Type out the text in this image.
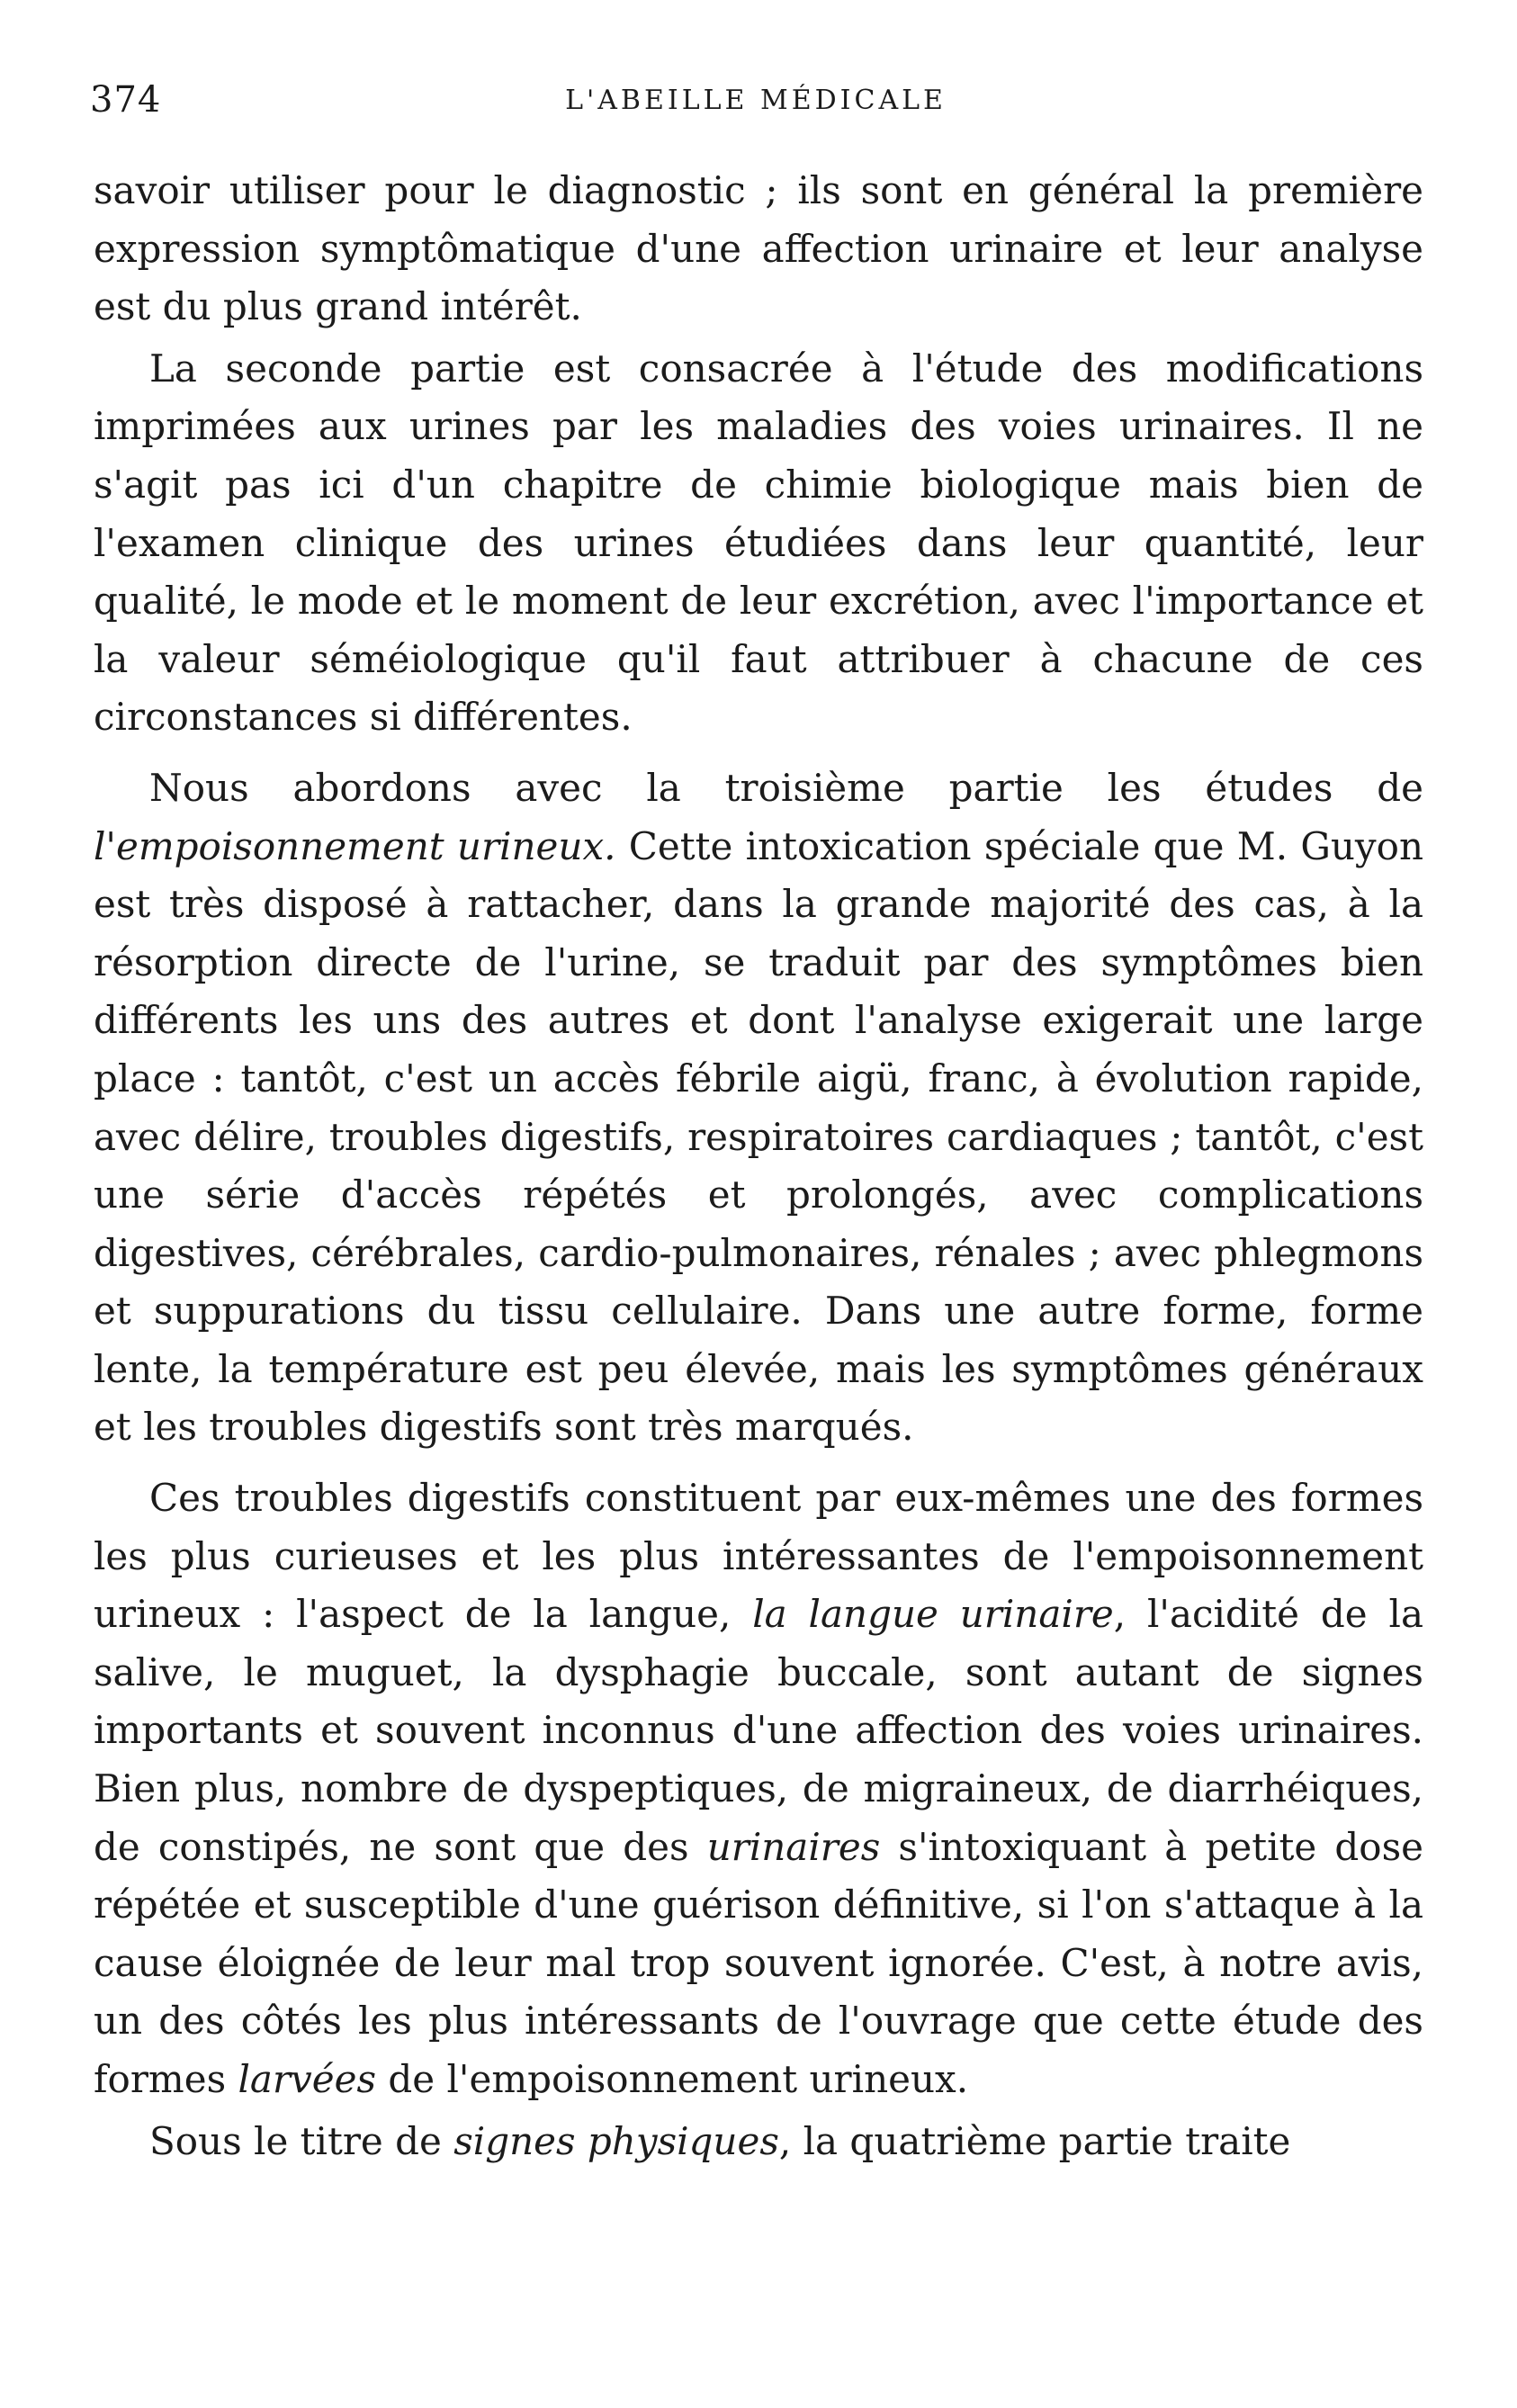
374	L'ABEILLE MÉDICALE

savoir utiliser pour le diagnostic ; ils sont en général la première expression symptômatique d'une affection urinaire et leur analyse est du plus grand intérêt.

La seconde partie est consacrée à l'étude des modifications imprimées aux urines par les maladies des voies urinaires. Il ne s'agit pas ici d'un chapitre de chimie biologique mais bien de l'examen clinique des urines étudiées dans leur quantité, leur qualité, le mode et le moment de leur excrétion, avec l'importance et la valeur séméiologique qu'il faut attribuer à chacune de ces circonstances si différentes.

Nous abordons avec la troisième partie les études de l'empoisonnement urineux. Cette intoxication spéciale que M. Guyon est très disposé à rattacher, dans la grande majorité des cas, à la résorption directe de l'urine, se traduit par des symptômes bien différents les uns des autres et dont l'analyse exigerait une large place : tantôt, c'est un accès fébrile aigü, franc, à évolution rapide, avec délire, troubles digestifs, respiratoires cardiaques ; tantôt, c'est une série d'accès répétés et prolongés, avec complications digestives, cérébrales, cardio-pulmonaires, rénales ; avec phlegmons et suppurations du tissu cellulaire. Dans une autre forme, forme lente, la température est peu élevée, mais les symptômes généraux et les troubles digestifs sont très marqués.

Ces troubles digestifs constituent par eux-mêmes une des formes les plus curieuses et les plus intéressantes de l'empoisonnement urineux : l'aspect de la langue, la langue urinaire, l'acidité de la salive, le muguet, la dysphagie buccale, sont autant de signes importants et souvent inconnus d'une affection des voies urinaires. Bien plus, nombre de dyspeptiques, de migraineux, de diarrhéiques, de constipés, ne sont que des urinaires s'intoxiquant à petite dose répétée et susceptible d'une guérison définitive, si l'on s'attaque à la cause éloignée de leur mal trop souvent ignorée. C'est, à notre avis, un des côtés les plus intéressants de l'ouvrage que cette étude des formes larvées de l'empoisonnement urineux.

Sous le titre de signes physiques, la quatrième partie traite
